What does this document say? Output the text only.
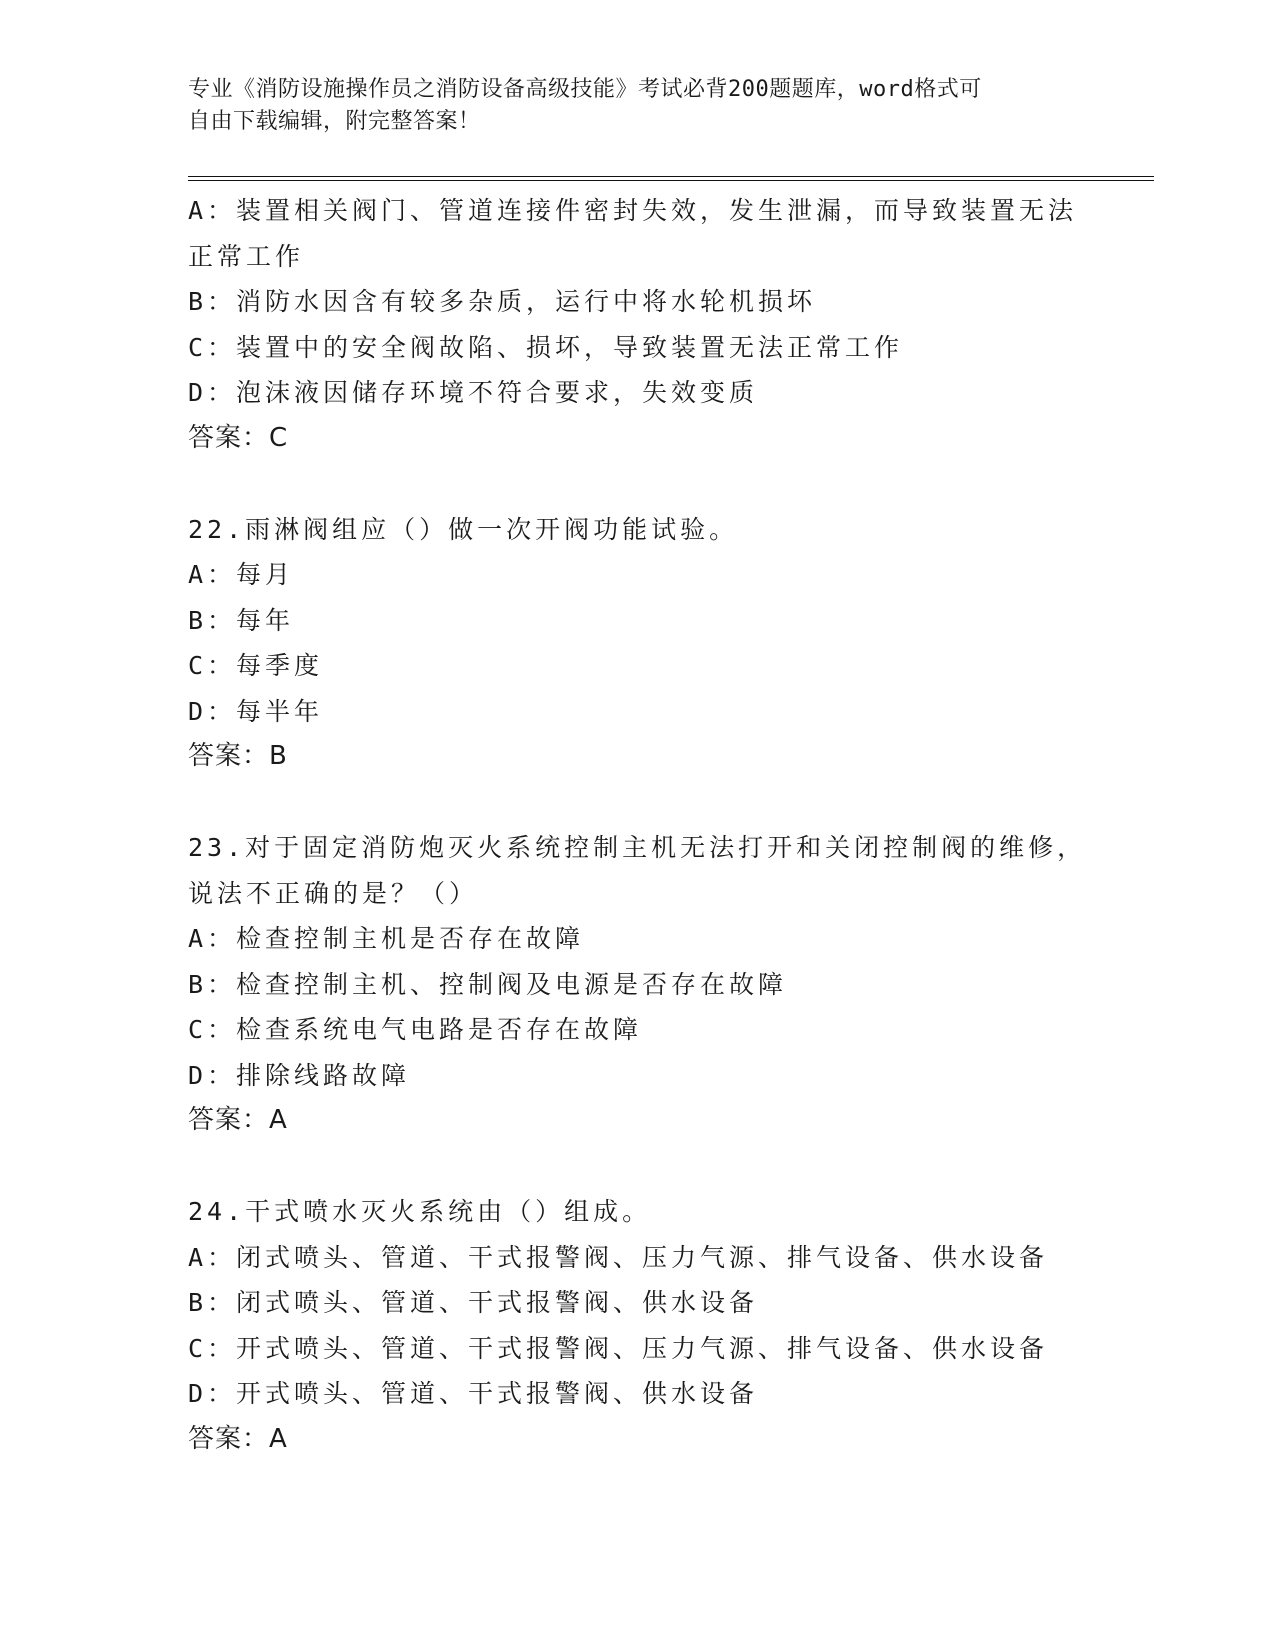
专业《消防设施操作员之消防设备高级技能》考试必背200题题库，word格式可
自由下载编辑，附完整答案！
A：装置相关阀门、管道连接件密封失效，发生泄漏，而导致装置无法
正常工作
B：消防水因含有较多杂质，运行中将水轮机损坏
C：装置中的安全阀故陷、损坏，导致装置无法正常工作
D：泡沫液因储存环境不符合要求，失效变质
答案：C
22.雨淋阀组应（）做一次开阀功能试验。
A：每月
B：每年
C：每季度
D：每半年
答案：B
23.对于固定消防炮灭火系统控制主机无法打开和关闭控制阀的维修，
说法不正确的是？（）
A：检查控制主机是否存在故障
B：检查控制主机、控制阀及电源是否存在故障
C：检查系统电气电路是否存在故障
D：排除线路故障
答案：A
24.干式喷水灭火系统由（）组成。
A：闭式喷头、管道、干式报警阀、压力气源、排气设备、供水设备
B：闭式喷头、管道、干式报警阀、供水设备
C：开式喷头、管道、干式报警阀、压力气源、排气设备、供水设备
D：开式喷头、管道、干式报警阀、供水设备
答案：A
